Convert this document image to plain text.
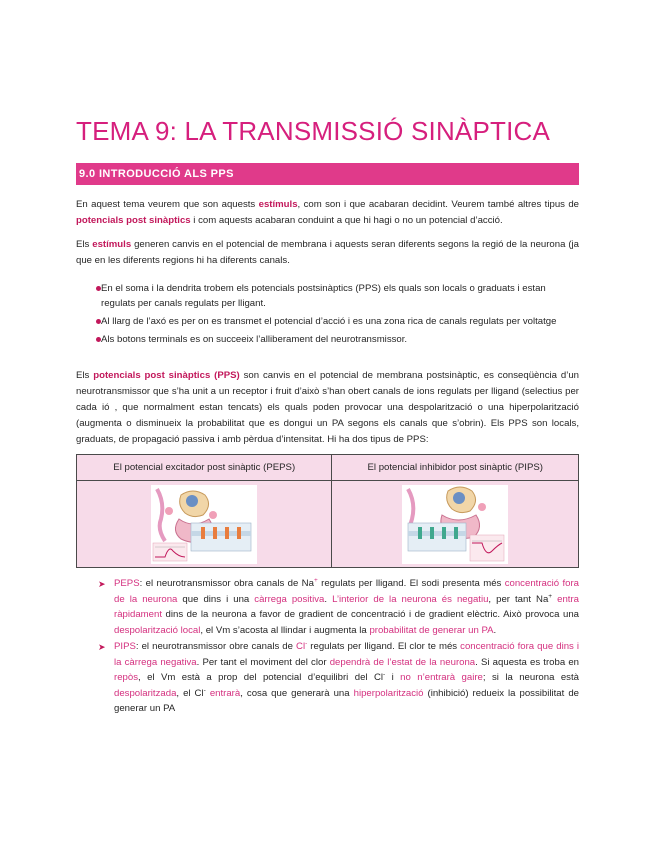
TEMA 9: LA TRANSMISSIÓ SINÀPTICA
9.0 INTRODUCCIÓ ALS PPS

En aquest tema veurem que son aquests estímuls, com son i que acabaran decidint. Veurem també altres tipus de potencials post sinàptics i com aquests acabaran conduint a que hi hagi o no un potencial d’acció.

Els estímuls generen canvis en el potencial de membrana i aquests seran diferents segons la regió de la neurona (ja que en les diferents regions hi ha diferents canals.

En el soma i la dendrita trobem els potencials postsinàptics (PPS) els quals son locals o graduats i estan regulats per canals regulats per lligant.
Al llarg de l’axó es per on es transmet el potencial d’acció i es una zona rica de canals regulats per voltatge
Als botons terminals es on succeeix l’alliberament del neurotransmissor.

Els potencials post sinàptics (PPS) son canvis en el potencial de membrana postsinàptic, es conseqüència d’un neurotransmissor que s’ha unit a un receptor i fruit d’això s’han obert canals de ions regulats per lligand (selectius per cada ió , que normalment estan tencats) els quals poden provocar una despolarització o una hiperpolarització (augmenta o disminueix la probabilitat que es dongui un PA segons els canals que s’obrin). Els PPS son locals, graduats, de propagació passiva i amb pèrdua d’intensitat. Hi ha dos tipus de PPS:

El potencial excitador post sinàptic (PEPS)	El potencial inhibidor post sinàptic (PIPS)

➤ PEPS: el neurotransmissor obra canals de Na+ regulats per lligand. El sodi presenta més concentració fora de la neurona que dins i una càrrega positiva. L’interior de la neurona és negatiu, per tant Na+ entra ràpidament dins de la neurona a favor de gradient de concentració i de gradient elèctric. Això provoca una despolarització local, el Vm s’acosta al llindar i augmenta la probabilitat de generar un PA.
➤ PIPS: el neurotransmissor obre canals de Cl- regulats per lligand. El clor te més concentració fora que dins i la càrrega negativa. Per tant el moviment del clor dependrà de l’estat de la neurona. Si aquesta es troba en repòs, el Vm està a prop del potencial d’equilibri del Cl- i no n’entrarà gaire; si la neurona està despolaritzada, el Cl- entrarà, cosa que generarà una hiperpolarització (inhibició) redueix la possibilitat de generar un PA
